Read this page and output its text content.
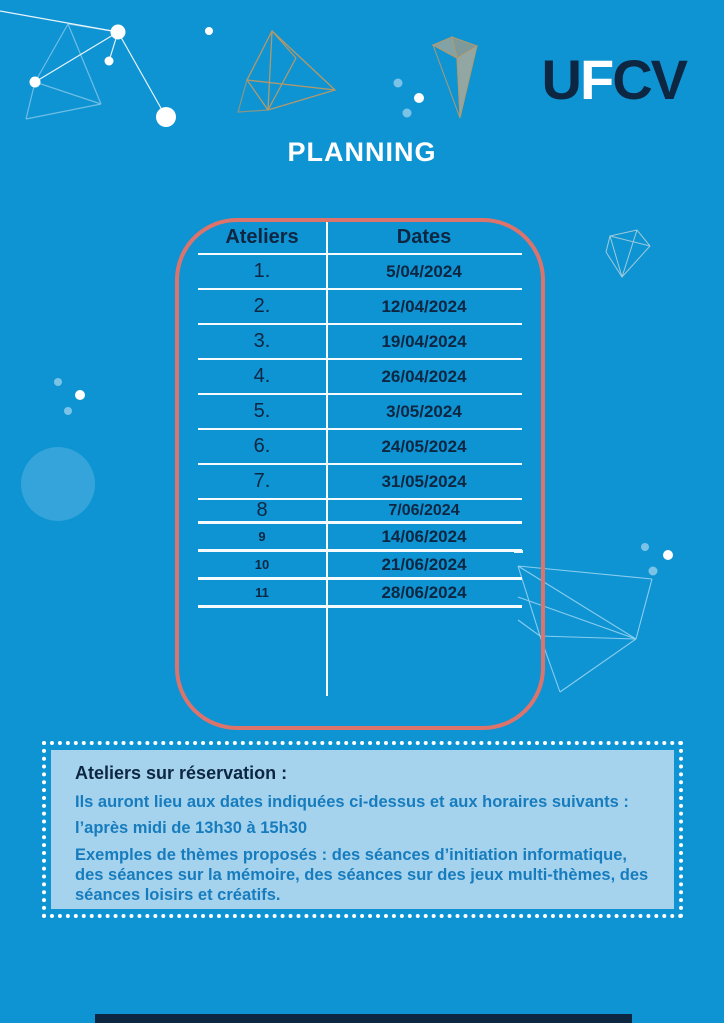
UFCV
PLANNING
Ateliers	Dates
1.	5/04/2024
2.	12/04/2024
3.	19/04/2024
4.	26/04/2024
5.	3/05/2024
6.	24/05/2024
7.	31/05/2024
8	7/06/2024
9	14/06/2024
10	21/06/2024
11	28/06/2024
Ateliers sur réservation :
Ils auront lieu aux dates indiquées ci-dessus et aux horaires suivants :
l’après midi de 13h30 à 15h30
Exemples de thèmes proposés : des séances d’initiation informatique, des séances sur la mémoire, des séances sur des jeux multi-thèmes, des séances loisirs et créatifs.
